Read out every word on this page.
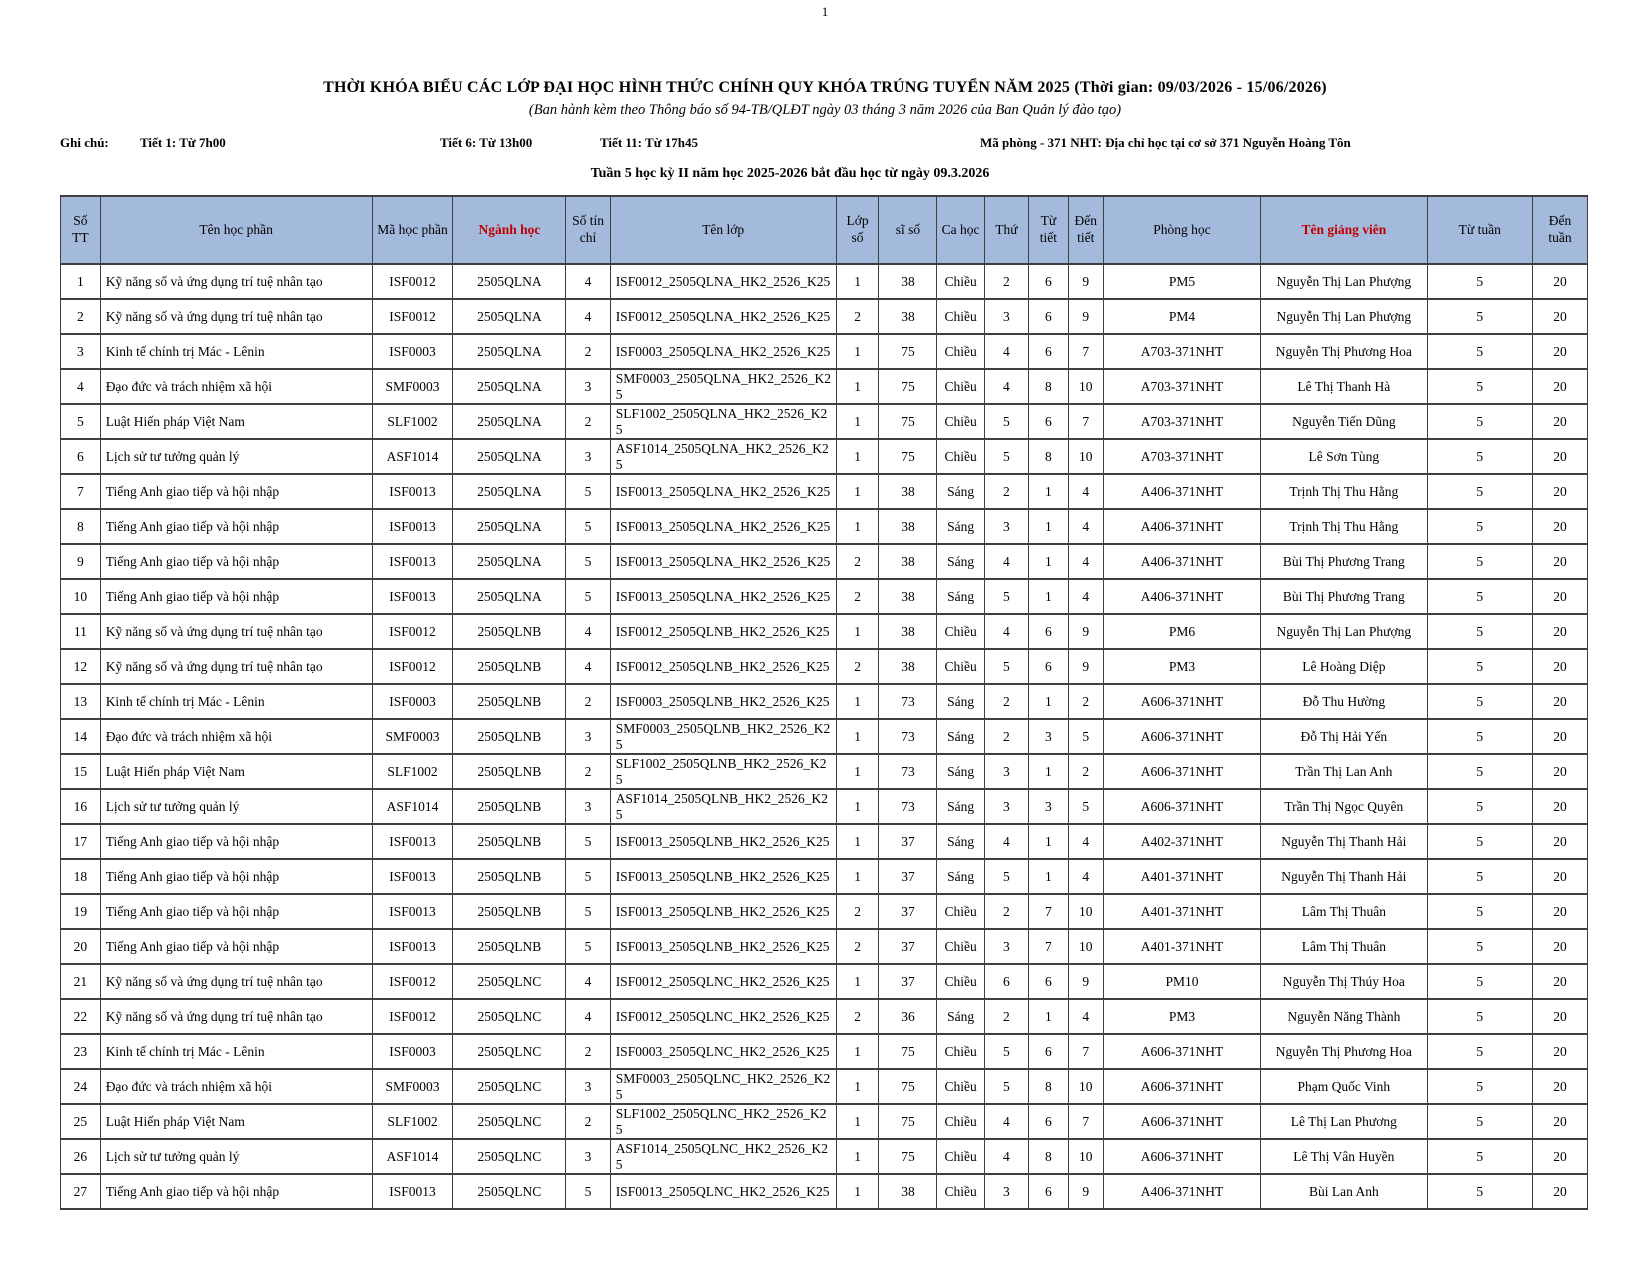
1
THỜI KHÓA BIỂU CÁC LỚP ĐẠI HỌC HÌNH THỨC CHÍNH QUY KHÓA TRÚNG TUYỂN NĂM 2025 (Thời gian: 09/03/2026 - 15/06/2026)
(Ban hành kèm theo Thông báo số 94-TB/QLĐT ngày 03 tháng 3 năm 2026 của Ban Quản lý đào tạo)
Ghi chú: Tiết 1: Từ 7h00	Tiết 6: Từ 13h00	Tiết 11: Từ 17h45	Mã phòng - 371 NHT: Địa chỉ học tại cơ sở 371 Nguyễn Hoàng Tôn
Tuần 5 học kỳ II năm học 2025-2026 bắt đầu học từ ngày 09.3.2026
Số TT	Tên học phần	Mã học phần	Ngành học	Số tín chỉ	Tên lớp	Lớp số	sĩ số	Ca học	Thứ	Từ tiết	Đến tiết	Phòng học	Tên giảng viên	Từ tuần	Đến tuần
1	Kỹ năng số và ứng dụng trí tuệ nhân tạo	ISF0012	2505QLNA	4	ISF0012_2505QLNA_HK2_2526_K25	1	38	Chiều	2	6	9	PM5	Nguyễn Thị Lan Phượng	5	20
2	Kỹ năng số và ứng dụng trí tuệ nhân tạo	ISF0012	2505QLNA	4	ISF0012_2505QLNA_HK2_2526_K25	2	38	Chiều	3	6	9	PM4	Nguyễn Thị Lan Phượng	5	20
3	Kinh tế chính trị Mác - Lênin	ISF0003	2505QLNA	2	ISF0003_2505QLNA_HK2_2526_K25	1	75	Chiều	4	6	7	A703-371NHT	Nguyễn Thị Phương Hoa	5	20
4	Đạo đức và trách nhiệm xã hội	SMF0003	2505QLNA	3	SMF0003_2505QLNA_HK2_2526_K25	1	75	Chiều	4	8	10	A703-371NHT	Lê Thị Thanh Hà	5	20
5	Luật Hiến pháp Việt Nam	SLF1002	2505QLNA	2	SLF1002_2505QLNA_HK2_2526_K25	1	75	Chiều	5	6	7	A703-371NHT	Nguyễn Tiến Dũng	5	20
6	Lịch sử tư tưởng quản lý	ASF1014	2505QLNA	3	ASF1014_2505QLNA_HK2_2526_K25	1	75	Chiều	5	8	10	A703-371NHT	Lê Sơn Tùng	5	20
7	Tiếng Anh giao tiếp và hội nhập	ISF0013	2505QLNA	5	ISF0013_2505QLNA_HK2_2526_K25	1	38	Sáng	2	1	4	A406-371NHT	Trịnh Thị Thu Hằng	5	20
8	Tiếng Anh giao tiếp và hội nhập	ISF0013	2505QLNA	5	ISF0013_2505QLNA_HK2_2526_K25	1	38	Sáng	3	1	4	A406-371NHT	Trịnh Thị Thu Hằng	5	20
9	Tiếng Anh giao tiếp và hội nhập	ISF0013	2505QLNA	5	ISF0013_2505QLNA_HK2_2526_K25	2	38	Sáng	4	1	4	A406-371NHT	Bùi Thị Phương Trang	5	20
10	Tiếng Anh giao tiếp và hội nhập	ISF0013	2505QLNA	5	ISF0013_2505QLNA_HK2_2526_K25	2	38	Sáng	5	1	4	A406-371NHT	Bùi Thị Phương Trang	5	20
11	Kỹ năng số và ứng dụng trí tuệ nhân tạo	ISF0012	2505QLNB	4	ISF0012_2505QLNB_HK2_2526_K25	1	38	Chiều	4	6	9	PM6	Nguyễn Thị Lan Phượng	5	20
12	Kỹ năng số và ứng dụng trí tuệ nhân tạo	ISF0012	2505QLNB	4	ISF0012_2505QLNB_HK2_2526_K25	2	38	Chiều	5	6	9	PM3	Lê Hoàng Diệp	5	20
13	Kinh tế chính trị Mác - Lênin	ISF0003	2505QLNB	2	ISF0003_2505QLNB_HK2_2526_K25	1	73	Sáng	2	1	2	A606-371NHT	Đỗ Thu Hường	5	20
14	Đạo đức và trách nhiệm xã hội	SMF0003	2505QLNB	3	SMF0003_2505QLNB_HK2_2526_K25	1	73	Sáng	2	3	5	A606-371NHT	Đỗ Thị Hải Yến	5	20
15	Luật Hiến pháp Việt Nam	SLF1002	2505QLNB	2	SLF1002_2505QLNB_HK2_2526_K25	1	73	Sáng	3	1	2	A606-371NHT	Trần Thị Lan Anh	5	20
16	Lịch sử tư tưởng quản lý	ASF1014	2505QLNB	3	ASF1014_2505QLNB_HK2_2526_K25	1	73	Sáng	3	3	5	A606-371NHT	Trần Thị Ngọc Quyên	5	20
17	Tiếng Anh giao tiếp và hội nhập	ISF0013	2505QLNB	5	ISF0013_2505QLNB_HK2_2526_K25	1	37	Sáng	4	1	4	A402-371NHT	Nguyễn Thị Thanh Hải	5	20
18	Tiếng Anh giao tiếp và hội nhập	ISF0013	2505QLNB	5	ISF0013_2505QLNB_HK2_2526_K25	1	37	Sáng	5	1	4	A401-371NHT	Nguyễn Thị Thanh Hải	5	20
19	Tiếng Anh giao tiếp và hội nhập	ISF0013	2505QLNB	5	ISF0013_2505QLNB_HK2_2526_K25	2	37	Chiều	2	7	10	A401-371NHT	Lâm Thị Thuân	5	20
20	Tiếng Anh giao tiếp và hội nhập	ISF0013	2505QLNB	5	ISF0013_2505QLNB_HK2_2526_K25	2	37	Chiều	3	7	10	A401-371NHT	Lâm Thị Thuân	5	20
21	Kỹ năng số và ứng dụng trí tuệ nhân tạo	ISF0012	2505QLNC	4	ISF0012_2505QLNC_HK2_2526_K25	1	37	Chiều	6	6	9	PM10	Nguyễn Thị Thúy Hoa	5	20
22	Kỹ năng số và ứng dụng trí tuệ nhân tạo	ISF0012	2505QLNC	4	ISF0012_2505QLNC_HK2_2526_K25	2	36	Sáng	2	1	4	PM3	Nguyễn Năng Thành	5	20
23	Kinh tế chính trị Mác - Lênin	ISF0003	2505QLNC	2	ISF0003_2505QLNC_HK2_2526_K25	1	75	Chiều	5	6	7	A606-371NHT	Nguyễn Thị Phương Hoa	5	20
24	Đạo đức và trách nhiệm xã hội	SMF0003	2505QLNC	3	SMF0003_2505QLNC_HK2_2526_K25	1	75	Chiều	5	8	10	A606-371NHT	Phạm Quốc Vinh	5	20
25	Luật Hiến pháp Việt Nam	SLF1002	2505QLNC	2	SLF1002_2505QLNC_HK2_2526_K25	1	75	Chiều	4	6	7	A606-371NHT	Lê Thị Lan Phương	5	20
26	Lịch sử tư tưởng quản lý	ASF1014	2505QLNC	3	ASF1014_2505QLNC_HK2_2526_K25	1	75	Chiều	4	8	10	A606-371NHT	Lê Thị Vân Huyền	5	20
27	Tiếng Anh giao tiếp và hội nhập	ISF0013	2505QLNC	5	ISF0013_2505QLNC_HK2_2526_K25	1	38	Chiều	3	6	9	A406-371NHT	Bùi Lan Anh	5	20
